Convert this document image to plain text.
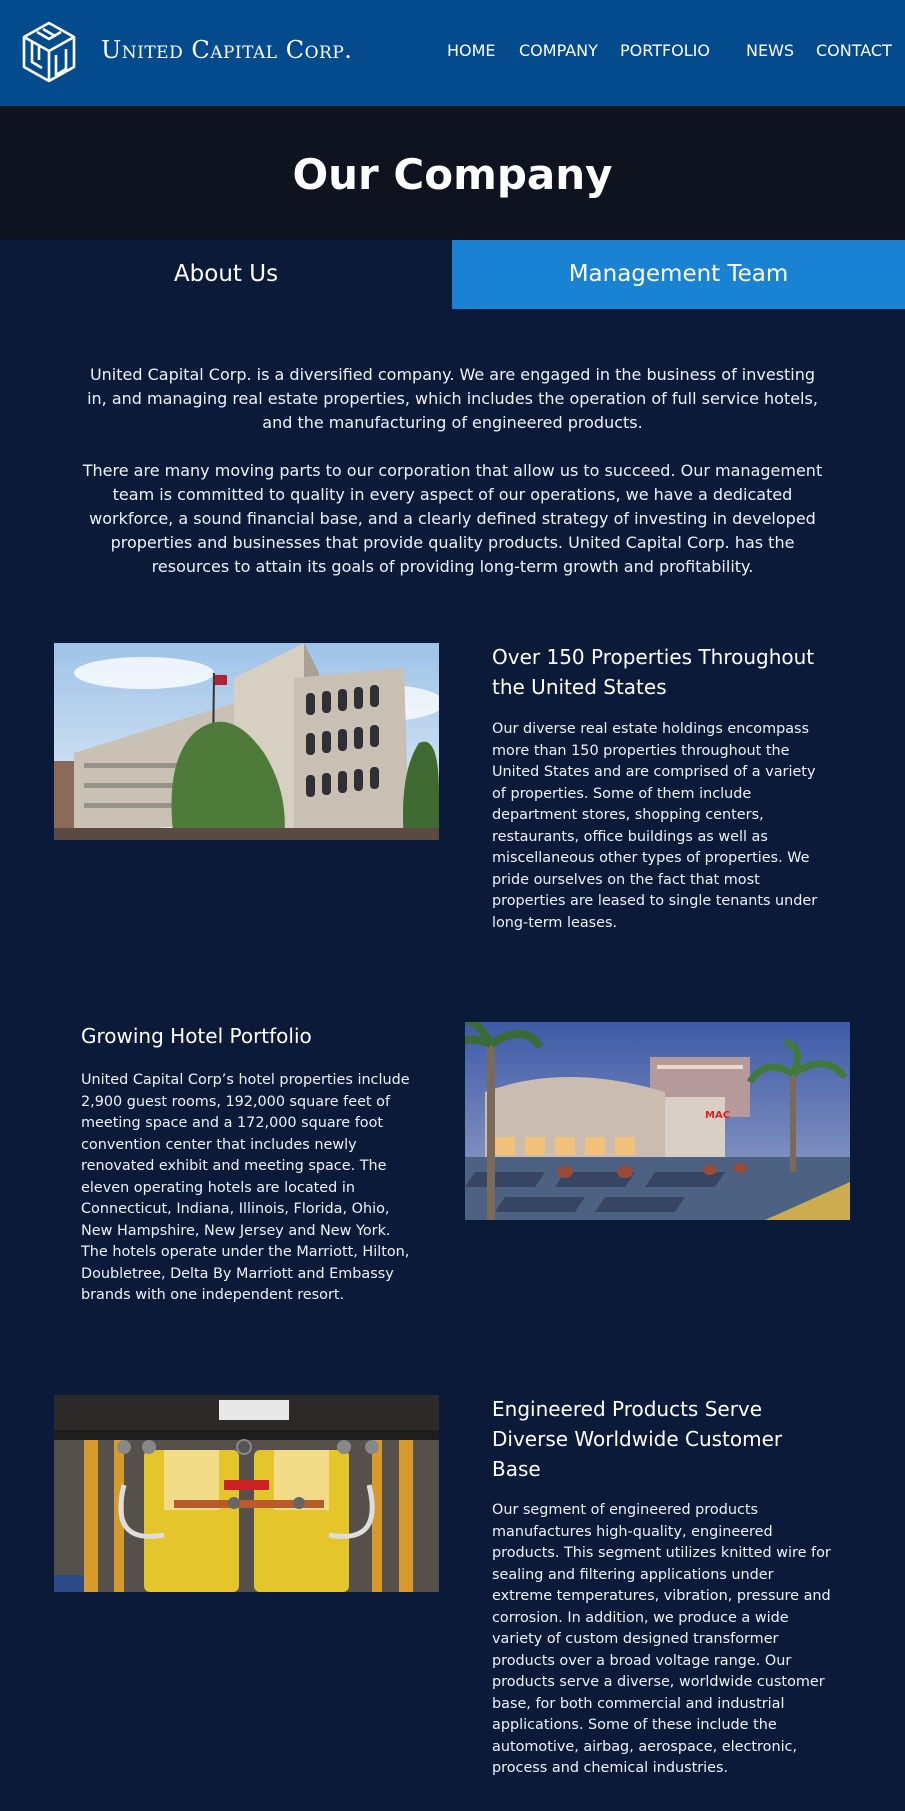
United Capital Corp.	HOME COMPANY PORTFOLIO NEWS CONTACT
Our Company
About Us	Management Team

United Capital Corp. is a diversified company. We are engaged in the business of investing in, and managing real estate properties, which includes the operation of full service hotels, and the manufacturing of engineered products.

There are many moving parts to our corporation that allow us to succeed. Our management team is committed to quality in every aspect of our operations, we have a dedicated workforce, a sound financial base, and a clearly defined strategy of investing in developed properties and businesses that provide quality products. United Capital Corp. has the resources to attain its goals of providing long-term growth and profitability.

Over 150 Properties Throughout the United States
Our diverse real estate holdings encompass more than 150 properties throughout the United States and are comprised of a variety of properties. Some of them include department stores, shopping centers, restaurants, office buildings as well as miscellaneous other types of properties. We pride ourselves on the fact that most properties are leased to single tenants under long-term leases.
Growing Hotel Portfolio
United Capital Corp’s hotel properties include 2,900 guest rooms, 192,000 square feet of meeting space and a 172,000 square foot convention center that includes newly renovated exhibit and meeting space. The eleven operating hotels are located in Connecticut, Indiana, Illinois, Florida, Ohio, New Hampshire, New Jersey and New York. The hotels operate under the Marriott, Hilton, Doubletree, Delta By Marriott and Embassy brands with one independent resort.
MAC
Engineered Products Serve Diverse Worldwide Customer Base
Our segment of engineered products manufactures high-quality, engineered products. This segment utilizes knitted wire for sealing and filtering applications under extreme temperatures, vibration, pressure and corrosion. In addition, we produce a wide variety of custom designed transformer products over a broad voltage range. Our products serve a diverse, worldwide customer base, for both commercial and industrial applications. Some of these include the automotive, airbag, aerospace, electronic, process and chemical industries.
